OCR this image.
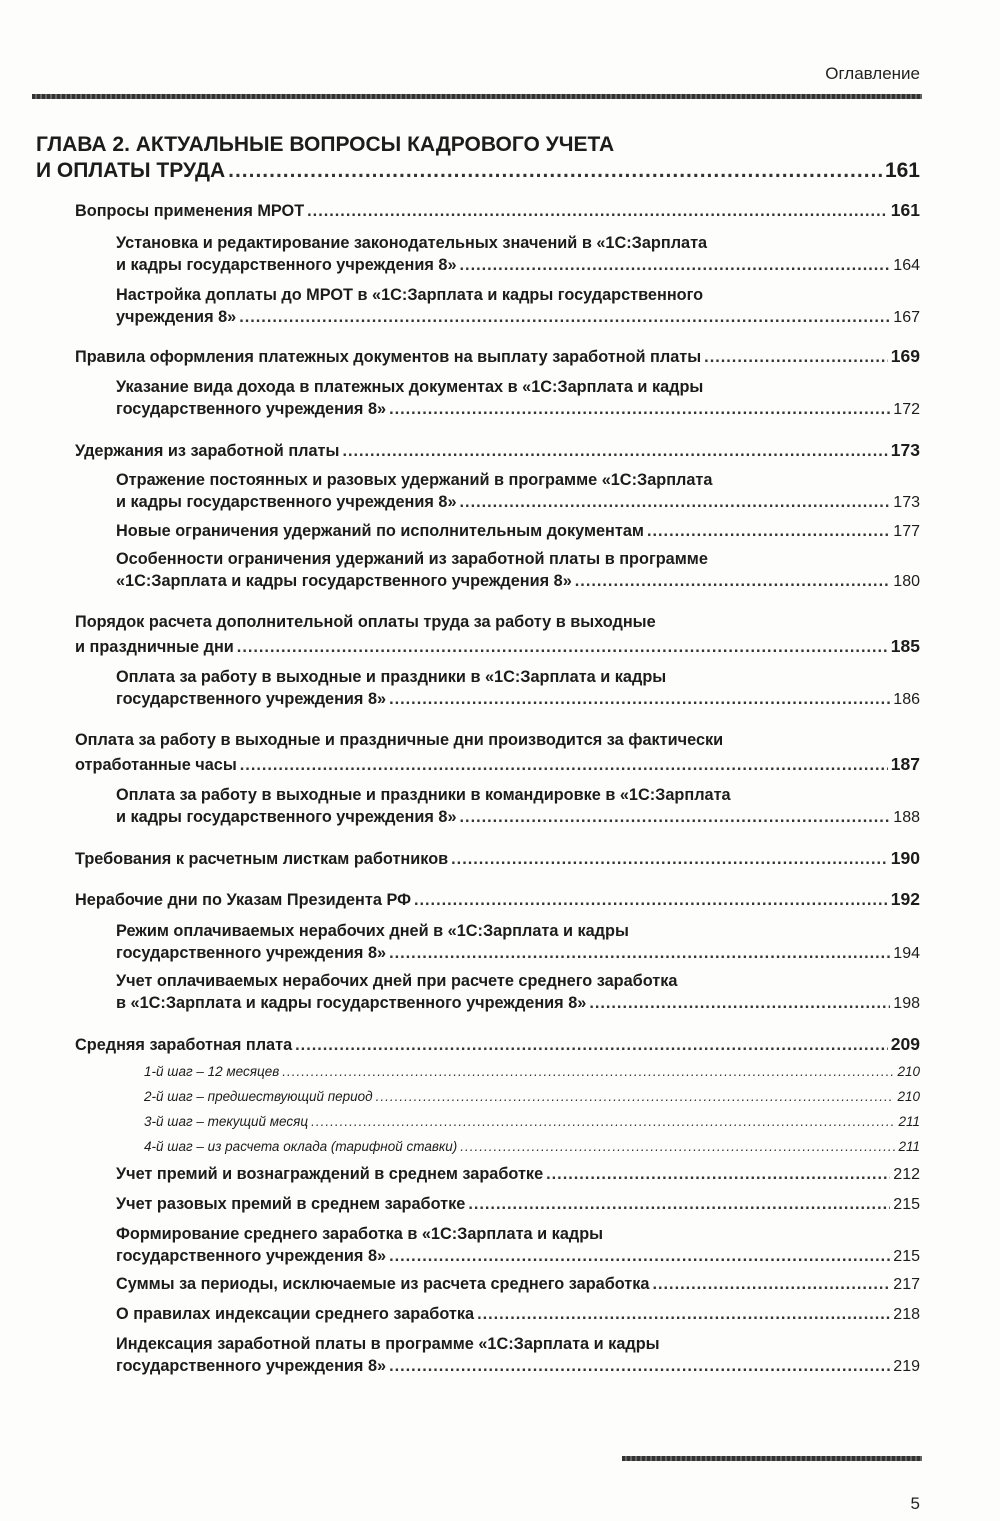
Оглавление
ГЛАВА 2. АКТУАЛЬНЫЕ ВОПРОСЫ КАДРОВОГО УЧЕТА
И ОПЛАТЫ ТРУДА .....	161
Вопросы применения МРОТ .....	161
Установка и редактирование законодательных значений в «1С:Зарплата
и кадры государственного учреждения 8» .....	164
Настройка доплаты до МРОТ в «1С:Зарплата и кадры государственного
учреждения 8» .....	167
Правила оформления платежных документов на выплату заработной платы .....	169
Указание вида дохода в платежных документах в «1С:Зарплата и кадры
государственного учреждения 8» .....	172
Удержания из заработной платы .....	173
Отражение постоянных и разовых удержаний в программе «1С:Зарплата
и кадры государственного учреждения 8» .....	173
Новые ограничения удержаний по исполнительным документам .....	177
Особенности ограничения удержаний из заработной платы в программе
«1С:Зарплата и кадры государственного учреждения 8» .....	180
Порядок расчета дополнительной оплаты труда за работу в выходные
и праздничные дни .....	185
Оплата за работу в выходные и праздники в «1С:Зарплата и кадры
государственного учреждения 8» .....	186
Оплата за работу в выходные и праздничные дни производится за фактически
отработанные часы .....	187
Оплата за работу в выходные и праздники в командировке в «1С:Зарплата
и кадры государственного учреждения 8» .....	188
Требования к расчетным листкам работников .....	190
Нерабочие дни по Указам Президента РФ .....	192
Режим оплачиваемых нерабочих дней в «1С:Зарплата и кадры
государственного учреждения 8» .....	194
Учет оплачиваемых нерабочих дней при расчете среднего заработка
в «1С:Зарплата и кадры государственного учреждения 8» .....	198
Средняя заработная плата .....	209
1-й шаг – 12 месяцев .....	210
2-й шаг – предшествующий период .....	210
3-й шаг – текущий месяц .....	211
4-й шаг – из расчета оклада (тарифной ставки) .....	211
Учет премий и вознаграждений в среднем заработке .....	212
Учет разовых премий в среднем заработке .....	215
Формирование среднего заработка в «1С:Зарплата и кадры
государственного учреждения 8» .....	215
Суммы за периоды, исключаемые из расчета среднего заработка .....	217
О правилах индексации среднего заработка .....	218
Индексация заработной платы в программе «1С:Зарплата и кадры
государственного учреждения 8» .....	219
5
